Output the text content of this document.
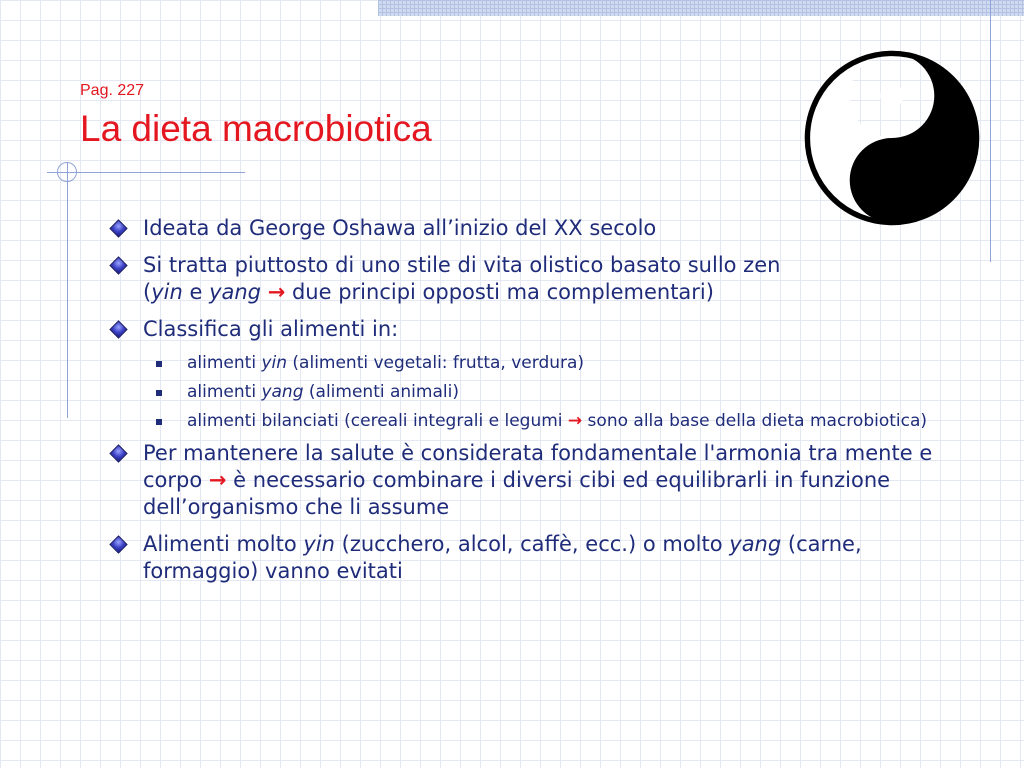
Pag. 227

La dieta macrobiotica
Ideata da George Oshawa all’inizio del XX secolo
Si tratta piuttosto di uno stile di vita olistico basato sullo zen
(yin e yang → due principi opposti ma complementari)
Classifica gli alimenti in:
alimenti yin (alimenti vegetali: frutta, verdura)
alimenti yang (alimenti animali)
alimenti bilanciati (cereali integrali e legumi → sono alla base della dieta macrobiotica)
Per mantenere la salute è considerata fondamentale l'armonia tra mente e corpo → è necessario combinare i diversi cibi ed equilibrarli in funzione dell’organismo che li assume
Alimenti molto yin (zucchero, alcol, caffè, ecc.) o molto yang (carne, formaggio) vanno evitati
